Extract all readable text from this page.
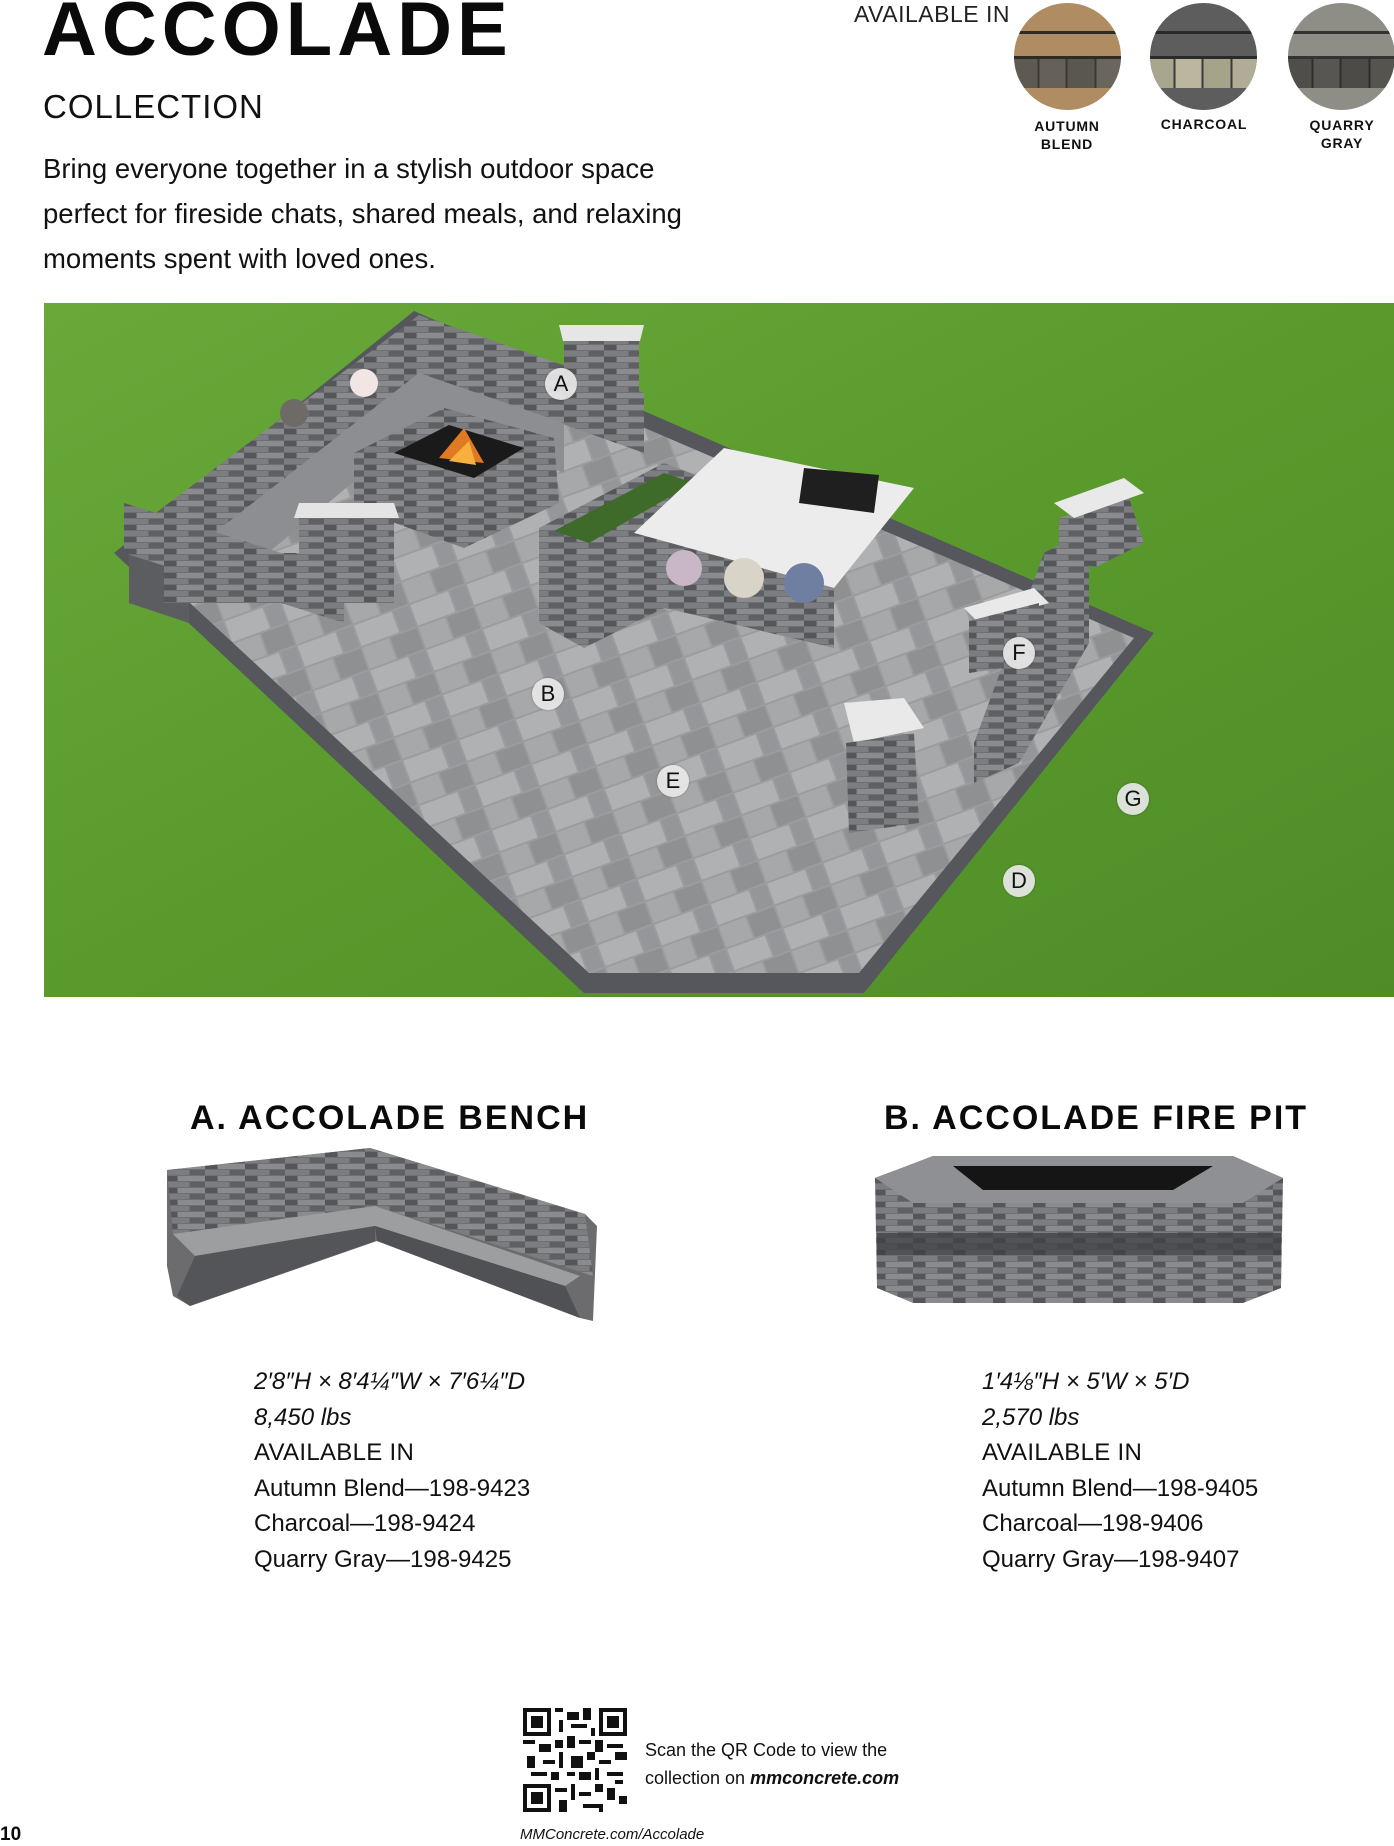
ACCOLADE
COLLECTION
Bring everyone together in a stylish outdoor space perfect for fireside chats, shared meals, and relaxing moments spent with loved ones.
AVAILABLE IN
AUTUMN
BLEND
CHARCOAL	QUARRY
GRAY
A
B
E
F
G
D
A. ACCOLADE BENCH
2′8″H × 8′4¼″W × 7′6¼″D
8,450 lbs
AVAILABLE IN
Autumn Blend—198-9423
Charcoal—198-9424
Quarry Gray—198-9425
B. ACCOLADE FIRE PIT
1′4⅛″H × 5′W × 5′D
2,570 lbs
AVAILABLE IN
Autumn Blend—198-9405
Charcoal—198-9406
Quarry Gray—198-9407
Scan the QR Code to view the
collection on mmconcrete.com
10	MMConcrete.com/Accolade
